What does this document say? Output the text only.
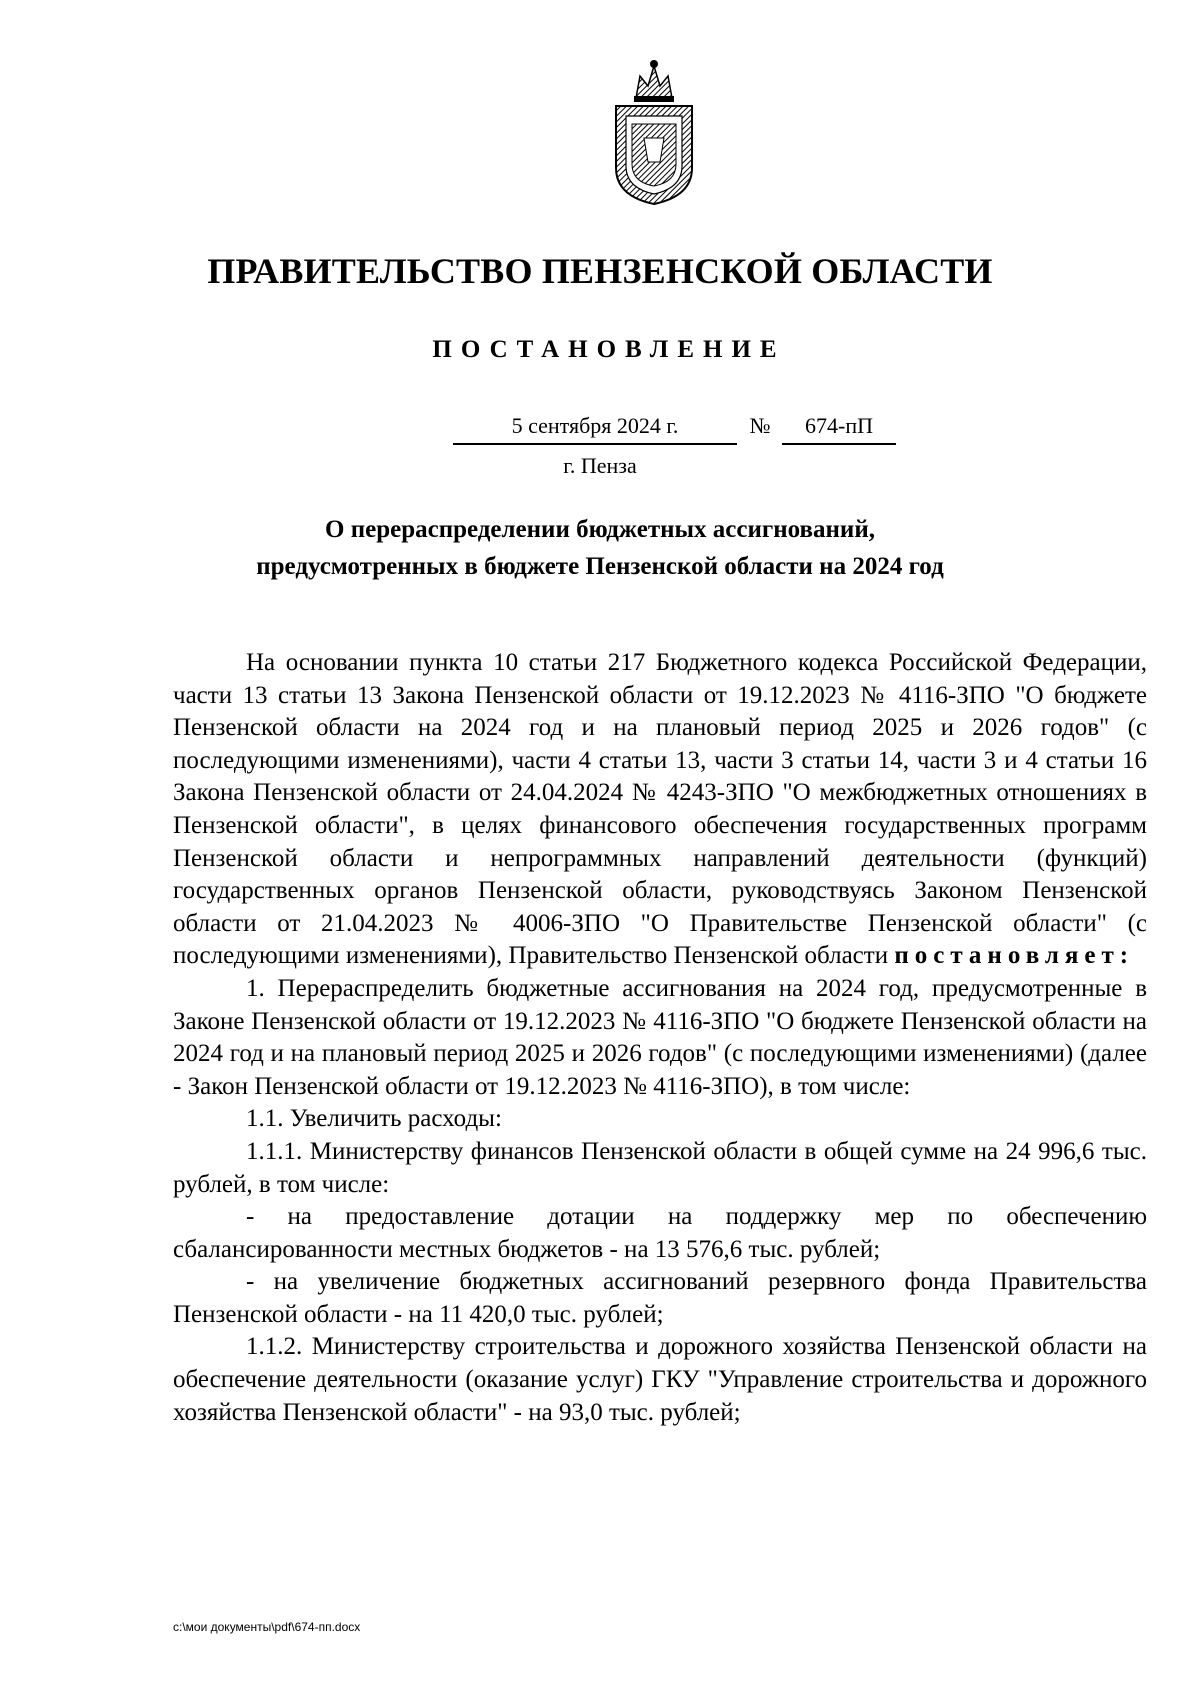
ПРАВИТЕЛЬСТВО ПЕНЗЕНСКОЙ ОБЛАСТИ
ПОСТАНОВЛЕНИЕ
5 сентября 2024 г.	№	674-пП
г. Пенза
О перераспределении бюджетных ассигнований,
предусмотренных в бюджете Пензенской области на 2024 год

На основании пункта 10 статьи 217 Бюджетного кодекса Российской Федерации, части 13 статьи 13 Закона Пензенской области от 19.12.2023 № 4116-ЗПО "О бюджете Пензенской области на 2024 год и на плановый период 2025 и 2026 годов" (с последующими изменениями), части 4 статьи 13, части 3 статьи 14, части 3 и 4 статьи 16 Закона Пензенской области от 24.04.2024 № 4243-ЗПО "О межбюджетных отношениях в Пензенской области", в целях финансового обеспечения государственных программ Пензенской области и непрограммных направлений деятельности (функций) государственных органов Пензенской области, руководствуясь Законом Пензенской области от 21.04.2023 № 4006-ЗПО "О Правительстве Пензенской области" (с последующими изменениями), Правительство Пензенской области постановляет:

1. Перераспределить бюджетные ассигнования на 2024 год, предусмотренные в Законе Пензенской области от 19.12.2023 № 4116-ЗПО "О бюджете Пензенской области на 2024 год и на плановый период 2025 и 2026 годов" (с последующими изменениями) (далее - Закон Пензенской области от 19.12.2023 № 4116-ЗПО), в том числе:

1.1. Увеличить расходы:

1.1.1. Министерству финансов Пензенской области в общей сумме на 24 996,6 тыс. рублей, в том числе:

- на предоставление дотации на поддержку мер по обеспечению сбалансированности местных бюджетов - на 13 576,6 тыс. рублей;

- на увеличение бюджетных ассигнований резервного фонда Правительства Пензенской области - на 11 420,0 тыс. рублей;

1.1.2. Министерству строительства и дорожного хозяйства Пензенской области на обеспечение деятельности (оказание услуг) ГКУ "Управление строительства и дорожного хозяйства Пензенской области" - на 93,0 тыс. рублей;

c:\мои документы\pdf\674-пп.docx
